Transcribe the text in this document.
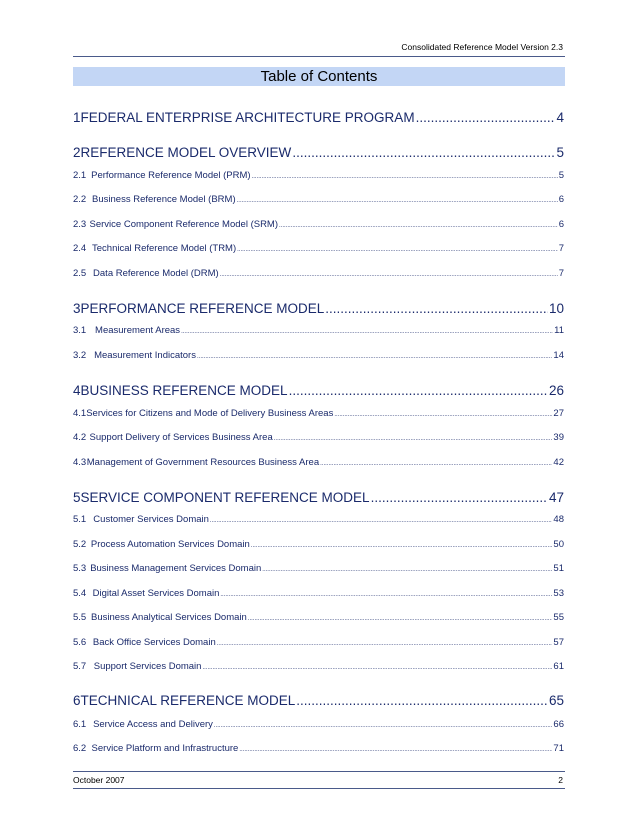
Consolidated Reference Model Version 2.3
Table of Contents
1 FEDERAL ENTERPRISE ARCHITECTURE PROGRAM .....	4
2 REFERENCE MODEL OVERVIEW .....	5
2.1 Performance Reference Model (PRM) .....	5
2.2 Business Reference Model (BRM) .....	6
2.3 Service Component Reference Model (SRM) .....	6
2.4 Technical Reference Model (TRM) .....	7
2.5 Data Reference Model (DRM) .....	7
3 PERFORMANCE REFERENCE MODEL .....	10
3.1 Measurement Areas .....	11
3.2 Measurement Indicators .....	14
4 BUSINESS REFERENCE MODEL .....	26
4.1 Services for Citizens and Mode of Delivery Business Areas .....	27
4.2 Support Delivery of Services Business Area .....	39
4.3 Management of Government Resources Business Area .....	42
5 SERVICE COMPONENT REFERENCE MODEL .....	47
5.1 Customer Services Domain .....	48
5.2 Process Automation Services Domain .....	50
5.3 Business Management Services Domain .....	51
5.4 Digital Asset Services Domain .....	53
5.5 Business Analytical Services Domain .....	55
5.6 Back Office Services Domain .....	57
5.7 Support Services Domain .....	61
6 TECHNICAL REFERENCE MODEL .....	65
6.1 Service Access and Delivery .....	66
6.2 Service Platform and Infrastructure .....	71
October 2007	2
